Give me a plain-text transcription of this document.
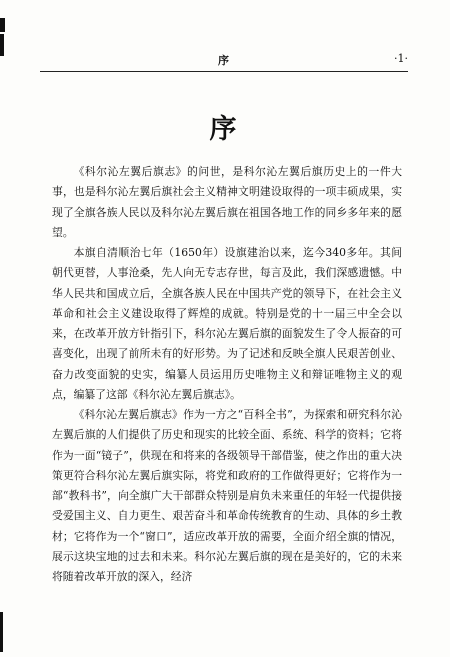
序	·1·
序

《科尔沁左翼后旗志》的问世，是科尔沁左翼后旗历史上的一件大事，也是科尔沁左翼后旗社会主义精神文明建设取得的一项丰硕成果，实现了全旗各族人民以及科尔沁左翼后旗在祖国各地工作的同乡多年来的愿望。

本旗自清顺治七年（1650年）设旗建治以来，迄今340多年。其间朝代更替，人事沧桑，先人向无专志存世，每言及此，我们深感遗憾。中华人民共和国成立后，全旗各族人民在中国共产党的领导下，在社会主义革命和社会主义建设取得了辉煌的成就。特别是党的十一届三中全会以来，在改革开放方针指引下，科尔沁左翼后旗的面貌发生了令人振奋的可喜变化，出现了前所未有的好形势。为了记述和反映全旗人民艰苦创业、奋力改变面貌的史实，编纂人员运用历史唯物主义和辩证唯物主义的观点，编纂了这部《科尔沁左翼后旗志》。

《科尔沁左翼后旗志》作为一方之“百科全书”，为探索和研究科尔沁左翼后旗的人们提供了历史和现实的比较全面、系统、科学的资料；它将作为一面“镜子”，供现在和将来的各级领导干部借鉴，使之作出的重大决策更符合科尔沁左翼后旗实际，将党和政府的工作做得更好；它将作为一部“教科书”，向全旗广大干部群众特别是肩负未来重任的年轻一代提供接受爱国主义、自力更生、艰苦奋斗和革命传统教育的生动、具体的乡土教材；它将作为一个“窗口”，适应改革开放的需要，全面介绍全旗的情况，展示这块宝地的过去和未来。科尔沁左翼后旗的现在是美好的，它的未来将随着改革开放的深入，经济
